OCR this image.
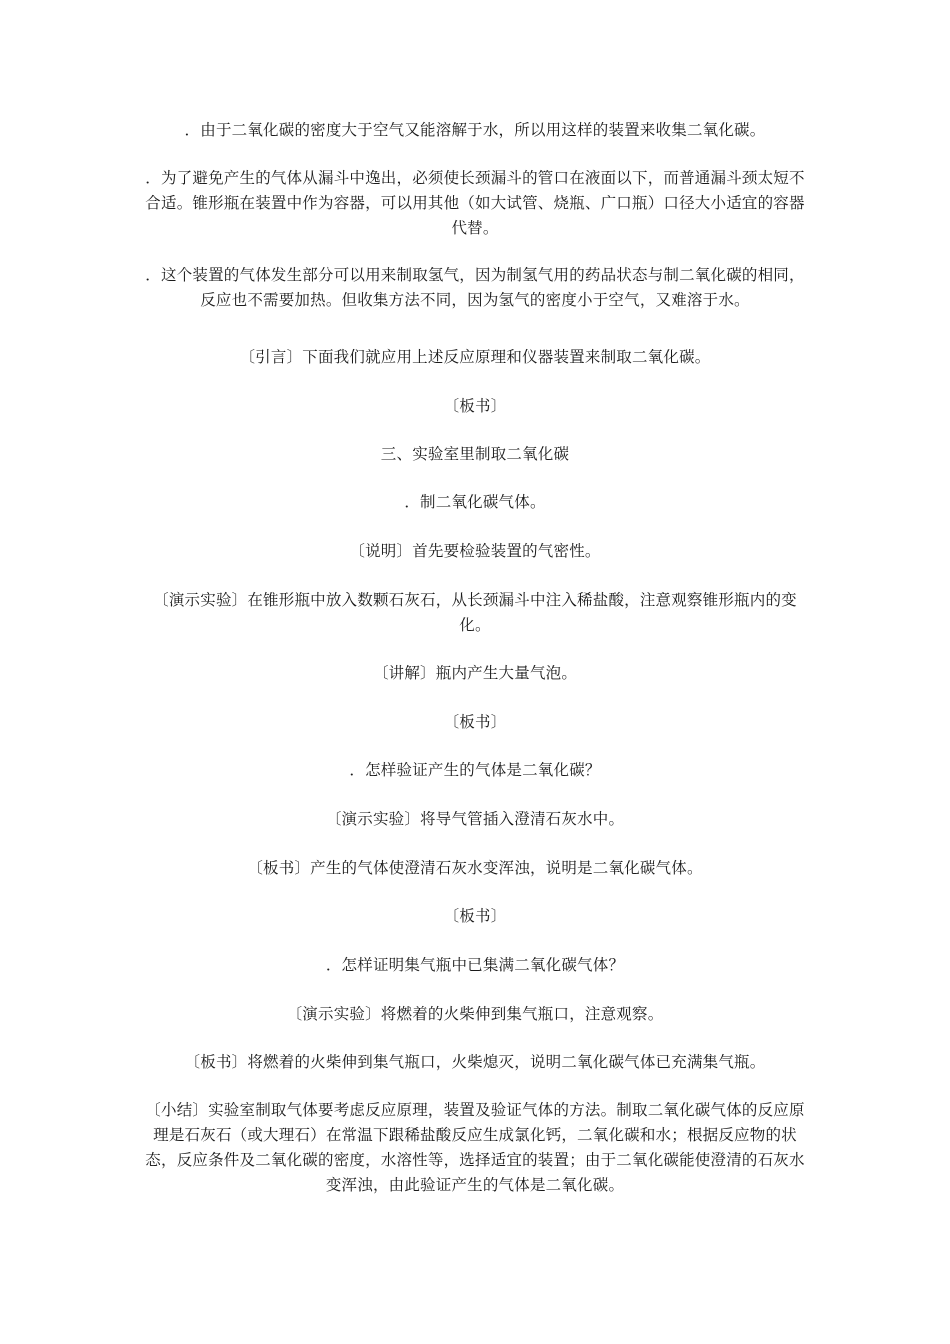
．由于二氧化碳的密度大于空气又能溶解于水，所以用这样的装置来收集二氧化碳。

．为了避免产生的气体从漏斗中逸出，必须使长颈漏斗的管口在液面以下，而普通漏斗颈太短不合适。锥形瓶在装置中作为容器，可以用其他（如大试管、烧瓶、广口瓶）口径大小适宜的容器代替。

．这个装置的气体发生部分可以用来制取氢气，因为制氢气用的药品状态与制二氧化碳的相同，反应也不需要加热。但收集方法不同，因为氢气的密度小于空气，又难溶于水。

〔引言〕下面我们就应用上述反应原理和仪器装置来制取二氧化碳。

〔板书〕

三、实验室里制取二氧化碳

．制二氧化碳气体。

〔说明〕首先要检验装置的气密性。

〔演示实验〕在锥形瓶中放入数颗石灰石，从长颈漏斗中注入稀盐酸，注意观察锥形瓶内的变化。

〔讲解〕瓶内产生大量气泡。

〔板书〕

．怎样验证产生的气体是二氧化碳？

〔演示实验〕将导气管插入澄清石灰水中。

〔板书〕产生的气体使澄清石灰水变浑浊，说明是二氧化碳气体。

〔板书〕

．怎样证明集气瓶中已集满二氧化碳气体？

〔演示实验〕将燃着的火柴伸到集气瓶口，注意观察。

〔板书〕将燃着的火柴伸到集气瓶口，火柴熄灭，说明二氧化碳气体已充满集气瓶。

〔小结〕实验室制取气体要考虑反应原理，装置及验证气体的方法。制取二氧化碳气体的反应原理是石灰石（或大理石）在常温下跟稀盐酸反应生成氯化钙，二氧化碳和水；根据反应物的状态，反应条件及二氧化碳的密度，水溶性等，选择适宜的装置；由于二氧化碳能使澄清的石灰水变浑浊，由此验证产生的气体是二氧化碳。
